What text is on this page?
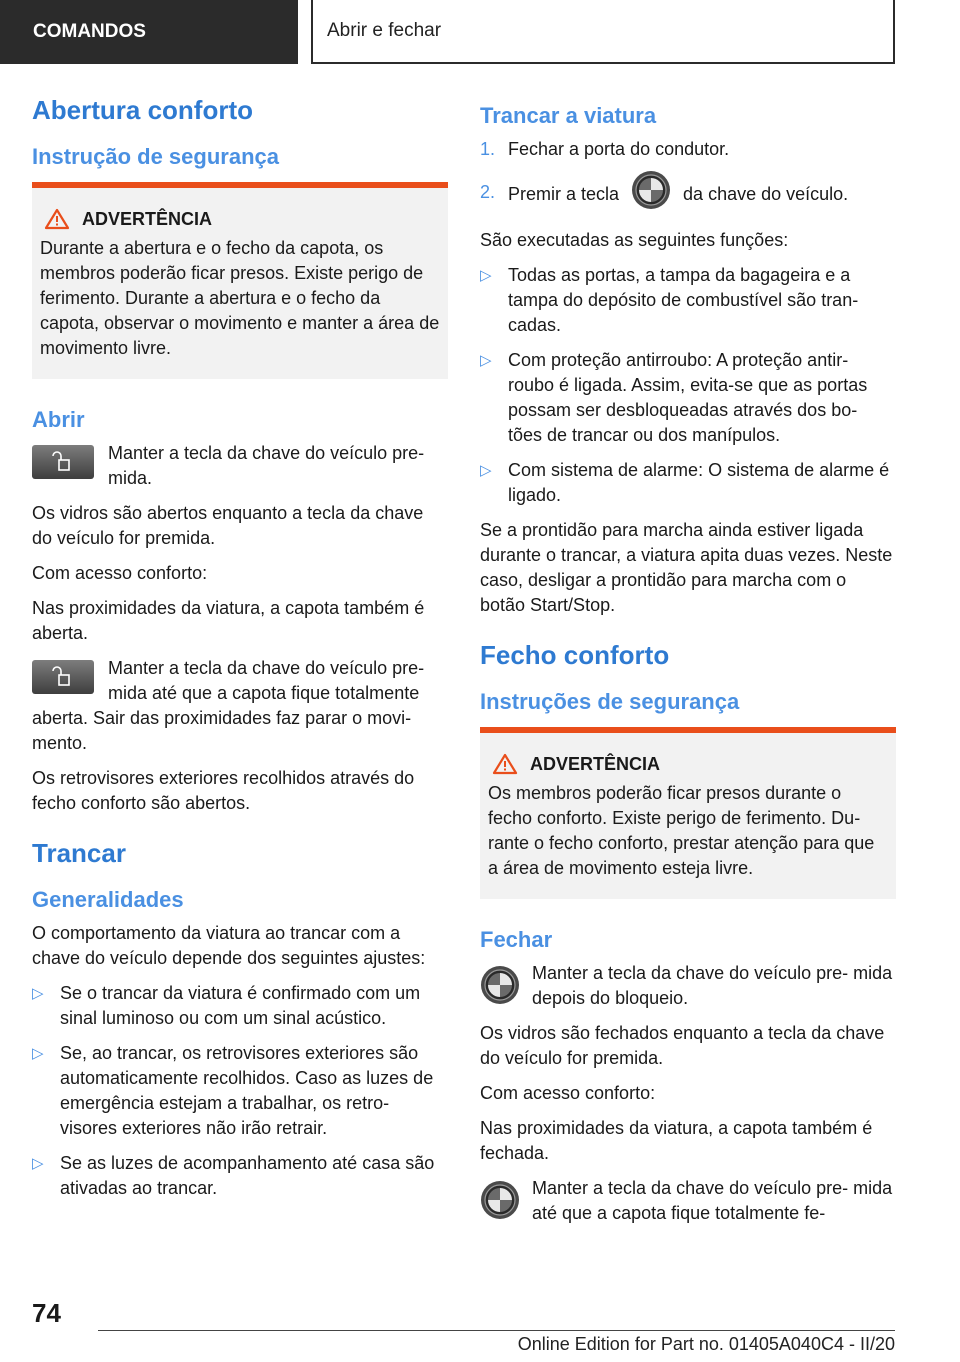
COMANDOS	Abrir e fechar
Abertura conforto
Instrução de segurança
ADVERTÊNCIA

Durante a abertura e o fecho da capota, os membros poderão ficar presos. Existe perigo de ferimento. Durante a abertura e o fecho da capota, observar o movimento e manter a área de movimento livre.

Abrir

Manter a tecla da chave do veículo pre- mida.

Os vidros são abertos enquanto a tecla da chave do veículo for premida.

Com acesso conforto:

Nas proximidades da viatura, a capota também é aberta.

Manter a tecla da chave do veículo pre- mida até que a capota fique totalmente aberta. Sair das proximidades faz parar o movi- mento.

Os retrovisores exteriores recolhidos através do fecho conforto são abertos.

Trancar
Generalidades

O comportamento da viatura ao trancar com a chave do veículo depende dos seguintes ajustes:

▷ Se o trancar da viatura é confirmado com um sinal luminoso ou com um sinal acústico.
▷ Se, ao trancar, os retrovisores exteriores são automaticamente recolhidos. Caso as luzes de emergência estejam a trabalhar, os retro- visores exteriores não irão retrair.
▷ Se as luzes de acompanhamento até casa são ativadas ao trancar.
Trancar a viatura
1. Fechar a porta do condutor.
2. Premir a tecla	da chave do veículo.

São executadas as seguintes funções:

▷ Todas as portas, a tampa da bagageira e a tampa do depósito de combustível são tran- cadas.
▷ Com proteção antirroubo: A proteção antir- roubo é ligada. Assim, evita-se que as portas possam ser desbloqueadas através dos bo- tões de trancar ou dos manípulos.
▷ Com sistema de alarme: O sistema de alarme é ligado.

Se a prontidão para marcha ainda estiver ligada durante o trancar, a viatura apita duas vezes. Neste caso, desligar a prontidão para marcha com o botão Start/Stop.

Fecho conforto
Instruções de segurança
ADVERTÊNCIA

Os membros poderão ficar presos durante o fecho conforto. Existe perigo de ferimento. Du- rante o fecho conforto, prestar atenção para que a área de movimento esteja livre.

Fechar

Manter a tecla da chave do veículo pre- mida depois do bloqueio.

Os vidros são fechados enquanto a tecla da chave do veículo for premida.

Com acesso conforto:

Nas proximidades da viatura, a capota também é fechada.

Manter a tecla da chave do veículo pre- mida até que a capota fique totalmente fe-

74
Online Edition for Part no. 01405A040C4 - II/20
